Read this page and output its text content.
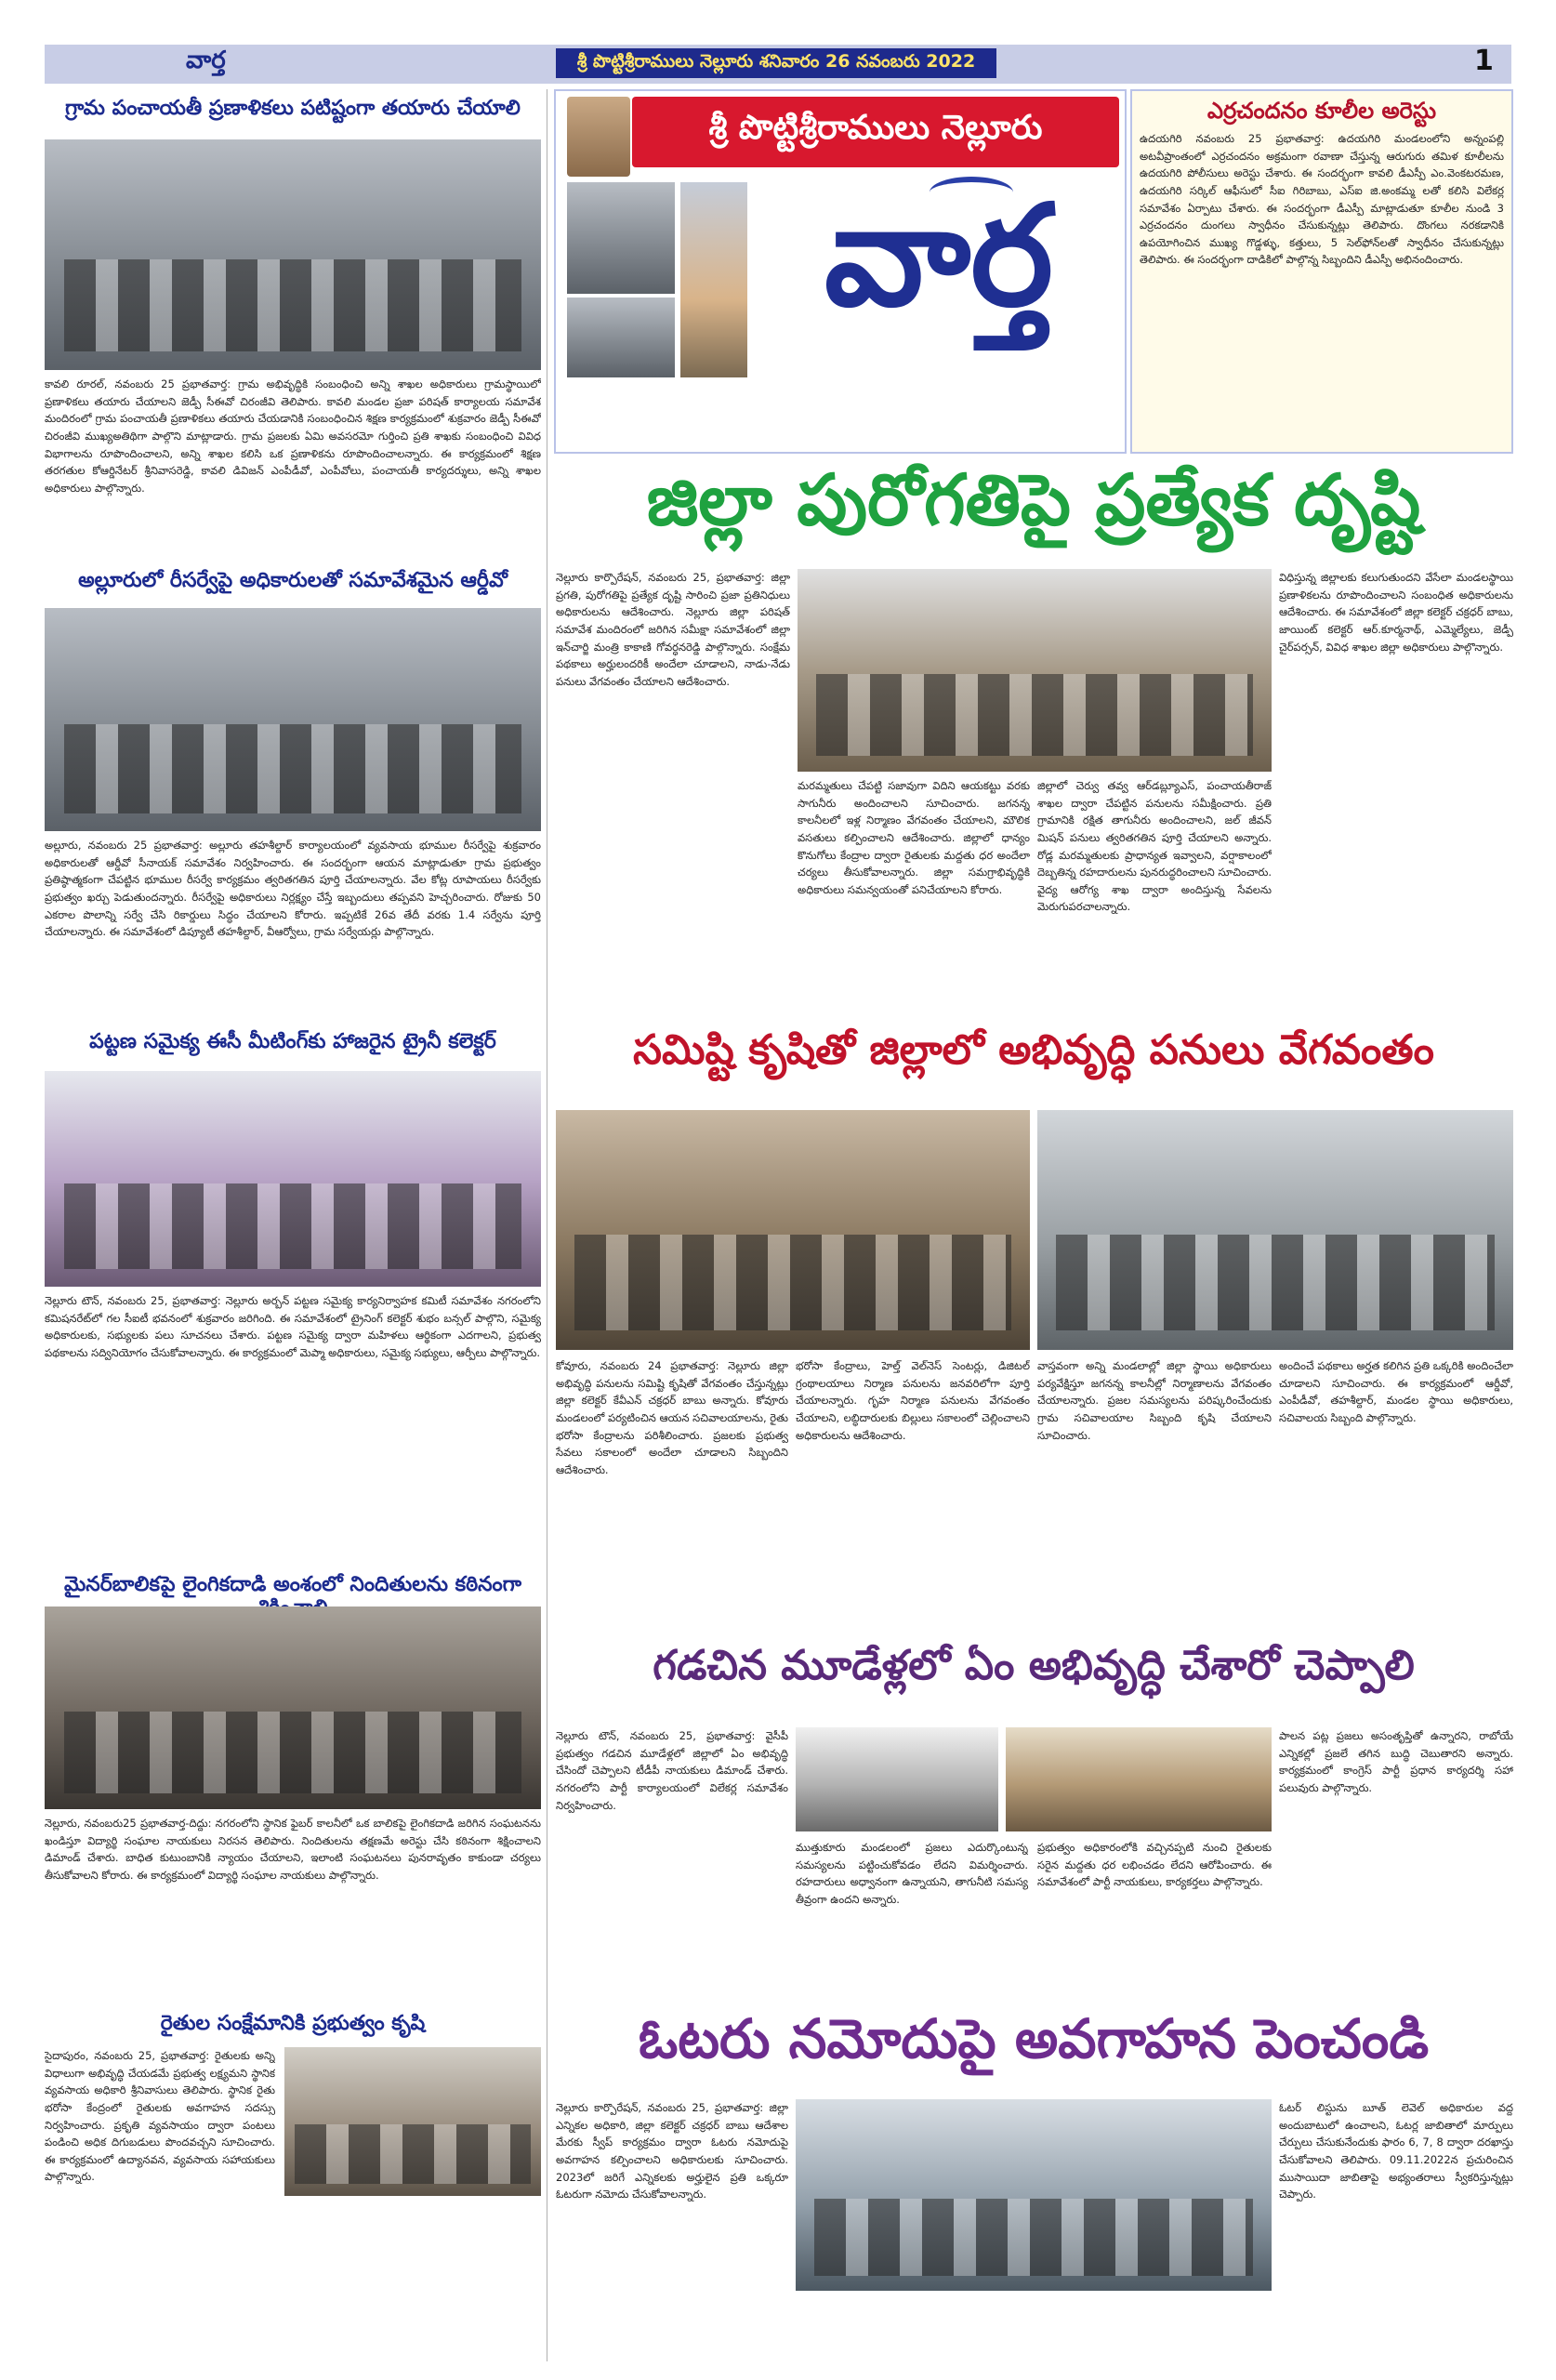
వార్త	శ్రీ పొట్టిశ్రీరాములు నెల్లూరు శనివారం 26 నవంబరు 2022	1
శ్రీ పొట్టిశ్రీరాములు నెల్లూరు
వార్త
ఎర్రచందనం కూలీల అరెస్టు
ఉదయగిరి నవంబరు 25 ప్రభాతవార్త: ఉదయగిరి మండలంలోని అన్నంపల్లి అటవీప్రాంతంలో ఎర్రచందనం అక్రమంగా రవాణా చేస్తున్న ఆరుగురు తమిళ కూలీలను ఉదయగిరి పోలీసులు అరెస్టు చేశారు. ఈ సందర్భంగా కావలి డీఎస్పీ ఎం.వెంకటరమణ, ఉదయగిరి సర్కిల్ ఆఫీసులో సీఐ గిరిబాబు, ఎస్ఐ జి.అంకమ్మ లతో కలిసి విలేకర్ల సమావేశం ఏర్పాటు చేశారు. ఈ సందర్భంగా డీఎస్పీ మాట్లాడుతూ కూలీల నుండి 3 ఎర్రచందనం దుంగలు స్వాధీనం చేసుకున్నట్లు తెలిపారు. దొంగలు నరకడానికి ఉపయోగించిన ముఖ్య గొడ్డళ్ళు, కత్తులు, 5 సెల్‌ఫోన్‌లతో స్వాధీనం చేసుకున్నట్లు తెలిపారు. ఈ సందర్భంగా దాడికిలో పాల్గొన్న సిబ్బందిని డీఎస్పీ అభినందించారు.
గ్రామ పంచాయతీ ప్రణాళికలు పటిష్టంగా తయారు చేయాలి
కావలి రూరల్, నవంబరు 25 ప్రభాతవార్త: గ్రామ అభివృద్ధికి సంబంధించి అన్ని శాఖల అధికారులు గ్రామస్థాయిలో ప్రణాళికలు తయారు చేయాలని జెడ్పీ సీఈవో చిరంజీవి తెలిపారు. కావలి మండల ప్రజా పరిషత్ కార్యాలయ సమావేశ మందిరంలో గ్రామ పంచాయతీ ప్రణాళికలు తయారు చేయడానికి సంబంధించిన శిక్షణ కార్యక్రమంలో శుక్రవారం జెడ్పీ సీఈవో చిరంజీవి ముఖ్యఅతిథిగా పాల్గొని మాట్లాడారు. గ్రామ ప్రజలకు ఏమి అవసరమో గుర్తించి ప్రతి శాఖకు సంబంధించి వివిధ విభాగాలను రూపొందించాలని, అన్ని శాఖల కలిసి ఒక ప్రణాళికను రూపొందించాలన్నారు. ఈ కార్యక్రమంలో శిక్షణ తరగతుల కోఆర్డినేటర్ శ్రీనివాసరెడ్డి, కావలి డివిజన్ ఎంపీడీవో, ఎంపీవోలు, పంచాయతీ కార్యదర్శులు, అన్ని శాఖల అధికారులు పాల్గొన్నారు.
అల్లూరులో రీసర్వేపై అధికారులతో సమావేశమైన ఆర్డీవో
అల్లూరు, నవంబరు 25 ప్రభాతవార్త: అల్లూరు తహశీల్దార్ కార్యాలయంలో వ్యవసాయ భూముల రీసర్వేపై శుక్రవారం అధికారులతో ఆర్డీవో సీనాయక్ సమావేశం నిర్వహించారు. ఈ సందర్భంగా ఆయన మాట్లాడుతూ గ్రామ ప్రభుత్వం ప్రతిష్ఠాత్మకంగా చేపట్టిన భూముల రీసర్వే కార్యక్రమం త్వరితగతిన పూర్తి చేయాలన్నారు. వేల కోట్ల రూపాయలు రీసర్వేకు ప్రభుత్వం ఖర్చు పెడుతుందన్నారు. రీసర్వేపై అధికారులు నిర్లక్ష్యం చేస్తే ఇబ్బందులు తప్పవని హెచ్చరించారు. రోజుకు 50 ఎకరాల పొలాన్ని సర్వే చేసి రికార్డులు సిద్ధం చేయాలని కోరారు. ఇప్పటికే 26వ తేదీ వరకు 1.4 సర్వేను పూర్తి చేయాలన్నారు. ఈ సమావేశంలో డిప్యూటీ తహశీల్దార్, వీఆర్వోలు, గ్రామ సర్వేయర్లు పాల్గొన్నారు.
పట్టణ సమైక్య ఈసీ మీటింగ్‌కు హాజరైన ట్రైనీ కలెక్టర్
నెల్లూరు టౌన్, నవంబరు 25, ప్రభాతవార్త: నెల్లూరు అర్బన్ పట్టణ సమైక్య కార్యనిర్వాహక కమిటీ సమావేశం నగరంలోని కమిషనరేట్‌లో గల సీఐటీ భవనంలో శుక్రవారం జరిగింది. ఈ సమావేశంలో ట్రైనింగ్ కలెక్టర్ శుభం బన్సల్ పాల్గొని, సమైక్య అధికారులకు, సభ్యులకు పలు సూచనలు చేశారు. పట్టణ సమైక్య ద్వారా మహిళలు ఆర్థికంగా ఎదగాలని, ప్రభుత్వ పథకాలను సద్వినియోగం చేసుకోవాలన్నారు. ఈ కార్యక్రమంలో మెప్మా అధికారులు, సమైక్య సభ్యులు, ఆర్పీలు పాల్గొన్నారు.
మైనర్‌బాలికపై లైంగికదాడి అంశంలో నిందితులను కఠినంగా
నెల్లూరు, నవంబరు25 ప్రభాతవార్త-దిద్దు: నగరంలోని స్థానిక ఫైబర్ కాలనీలో ఒక బాలికపై లైంగికదాడి జరిగిన సంఘటనను ఖండిస్తూ విద్యార్థి సంఘాల నాయకులు నిరసన తెలిపారు. నిందితులను తక్షణమే అరెస్టు చేసి కఠినంగా శిక్షించాలని డిమాండ్ చేశారు. బాధిత కుటుంబానికి న్యాయం చేయాలని, ఇలాంటి సంఘటనలు పునరావృతం కాకుండా చర్యలు తీసుకోవాలని కోరారు. ఈ కార్యక్రమంలో విద్యార్థి సంఘాల నాయకులు పాల్గొన్నారు.
రైతుల సంక్షేమానికి ప్రభుత్వం కృషి
సైదాపురం, నవంబరు 25, ప్రభాతవార్త: రైతులకు అన్ని విధాలుగా అభివృద్ధి చేయడమే ప్రభుత్వ లక్ష్యమని స్థానిక వ్యవసాయ అధికారి శ్రీనివాసులు తెలిపారు. స్థానిక రైతు భరోసా కేంద్రంలో రైతులకు అవగాహన సదస్సు నిర్వహించారు. ప్రకృతి వ్యవసాయం ద్వారా పంటలు పండించి అధిక దిగుబడులు పొందవచ్చని సూచించారు. ఈ కార్యక్రమంలో ఉద్యానవన, వ్యవసాయ సహాయకులు పాల్గొన్నారు.
జిల్లా పురోగతిపై ప్రత్యేక దృష్టి
నెల్లూరు కార్పొరేషన్, నవంబరు 25, ప్రభాతవార్త: జిల్లా ప్రగతి, పురోగతిపై ప్రత్యేక దృష్టి సారించి ప్రజా ప్రతినిధులు అధికారులను ఆదేశించారు. నెల్లూరు జిల్లా పరిషత్ సమావేశ మందిరంలో జరిగిన సమీక్షా సమావేశంలో జిల్లా ఇన్‌చార్జి మంత్రి కాకాణి గోవర్ధనరెడ్డి పాల్గొన్నారు. సంక్షేమ పథకాలు అర్హులందరికీ అందేలా చూడాలని, నాడు-నేడు పనులు వేగవంతం చేయాలని ఆదేశించారు.
మరమ్మతులు చేపట్టి సజావుగా విదిని ఆయకట్టు వరకు సాగునీరు అందించాలని సూచించారు. జగనన్న కాలనీలలో ఇళ్ల నిర్మాణం వేగవంతం చేయాలని, మౌలిక వసతులు కల్పించాలని ఆదేశించారు. జిల్లాలో ధాన్యం కొనుగోలు కేంద్రాల ద్వారా రైతులకు మద్దతు ధర అందేలా చర్యలు తీసుకోవాలన్నారు. జిల్లా సమగ్రాభివృద్ధికి అధికారులు సమన్వయంతో పనిచేయాలని కోరారు.
జిల్లాలో చెర్వు తవ్వ ఆర్‌డబ్ల్యూఎస్, పంచాయతీరాజ్ శాఖల ద్వారా చేపట్టిన పనులను సమీక్షించారు. ప్రతి గ్రామానికి రక్షిత తాగునీరు అందించాలని, జల్ జీవన్ మిషన్ పనులు త్వరితగతిన పూర్తి చేయాలని అన్నారు. రోడ్ల మరమ్మతులకు ప్రాధాన్యత ఇవ్వాలని, వర్షాకాలంలో దెబ్బతిన్న రహదారులను పునరుద్ధరించాలని సూచించారు. వైద్య ఆరోగ్య శాఖ ద్వారా అందిస్తున్న సేవలను మెరుగుపరచాలన్నారు.
విధిస్తున్న జిల్లాలకు కలుగుతుందని వేసేలా మండలస్థాయి ప్రణాళికలను రూపొందించాలని సంబంధిత అధికారులను ఆదేశించారు. ఈ సమావేశంలో జిల్లా కలెక్టర్ చక్రధర్ బాబు, జాయింట్ కలెక్టర్ ఆర్.కూర్మనాథ్, ఎమ్మెల్యేలు, జెడ్పీ చైర్‌పర్సన్, వివిధ శాఖల జిల్లా అధికారులు పాల్గొన్నారు.
సమిష్టి కృషితో జిల్లాలో అభివృద్ధి పనులు వేగవంతం
కోవూరు, నవంబరు 24 ప్రభాతవార్త: నెల్లూరు జిల్లా అభివృద్ధి పనులను సమిష్టి కృషితో వేగవంతం చేస్తున్నట్లు జిల్లా కలెక్టర్ కేవీఎన్ చక్రధర్ బాబు అన్నారు. కోవూరు మండలంలో పర్యటించిన ఆయన సచివాలయాలను, రైతు భరోసా కేంద్రాలను పరిశీలించారు. ప్రజలకు ప్రభుత్వ సేవలు సకాలంలో అందేలా చూడాలని సిబ్బందిని ఆదేశించారు.
భరోసా కేంద్రాలు, హెల్త్ వెల్‌నెస్ సెంటర్లు, డిజిటల్ గ్రంథాలయాలు నిర్మాణ పనులను జనవరిలోగా పూర్తి చేయాలన్నారు. గృహ నిర్మాణ పనులను వేగవంతం చేయాలని, లబ్ధిదారులకు బిల్లులు సకాలంలో చెల్లించాలని అధికారులను ఆదేశించారు.
వాస్తవంగా అన్ని మండలాల్లో జిల్లా స్థాయి అధికారులు పర్యవేక్షిస్తూ జగనన్న కాలనీల్లో నిర్మాణాలను వేగవంతం చేయాలన్నారు. ప్రజల సమస్యలను పరిష్కరించేందుకు గ్రామ సచివాలయాల సిబ్బంది కృషి చేయాలని సూచించారు.
అందించే పథకాలు అర్హత కలిగిన ప్రతి ఒక్కరికి అందించేలా చూడాలని సూచించారు. ఈ కార్యక్రమంలో ఆర్డీవో, ఎంపీడీవో, తహశీల్దార్, మండల స్థాయి అధికారులు, సచివాలయ సిబ్బంది పాల్గొన్నారు.
గడచిన మూడేళ్లలో ఏం అభివృద్ధి చేశారో చెప్పాలి
నెల్లూరు టౌన్, నవంబరు 25, ప్రభాతవార్త: వైసీపీ ప్రభుత్వం గడచిన మూడేళ్లలో జిల్లాలో ఏం అభివృద్ధి చేసిందో చెప్పాలని టీడీపీ నాయకులు డిమాండ్ చేశారు. నగరంలోని పార్టీ కార్యాలయంలో విలేకర్ల సమావేశం నిర్వహించారు.
ముత్తుకూరు మండలంలో ప్రజలు ఎదుర్కొంటున్న సమస్యలను పట్టించుకోవడం లేదని విమర్శించారు. రహదారులు అధ్వానంగా ఉన్నాయని, తాగునీటి సమస్య తీవ్రంగా ఉందని అన్నారు.
ప్రభుత్వం అధికారంలోకి వచ్చినప్పటి నుంచి రైతులకు సరైన మద్దతు ధర లభించడం లేదని ఆరోపించారు. ఈ సమావేశంలో పార్టీ నాయకులు, కార్యకర్తలు పాల్గొన్నారు.
పాలన పట్ల ప్రజలు అసంతృప్తితో ఉన్నారని, రాబోయే ఎన్నికల్లో ప్రజలే తగిన బుద్ధి చెబుతారని అన్నారు. కార్యక్రమంలో కాంగ్రెస్ పార్టీ ప్రధాన కార్యదర్శి సహా పలువురు పాల్గొన్నారు.
ఓటరు నమోదుపై అవగాహన పెంచండి
నెల్లూరు కార్పొరేషన్, నవంబరు 25, ప్రభాతవార్త: జిల్లా ఎన్నికల అధికారి, జిల్లా కలెక్టర్ చక్రధర్ బాబు ఆదేశాల మేరకు స్వీప్ కార్యక్రమం ద్వారా ఓటరు నమోదుపై అవగాహన కల్పించాలని అధికారులకు సూచించారు. 2023లో జరిగే ఎన్నికలకు అర్హులైన ప్రతి ఒక్కరూ ఓటరుగా నమోదు చేసుకోవాలన్నారు.
ఓటర్ లిస్టును బూత్ లెవెల్ అధికారుల వద్ద అందుబాటులో ఉంచాలని, ఓటర్ల జాబితాలో మార్పులు చేర్పులు చేసుకునేందుకు ఫారం 6, 7, 8 ద్వారా దరఖాస్తు చేసుకోవాలని తెలిపారు. 09.11.2022న ప్రచురించిన ముసాయిదా జాబితాపై అభ్యంతరాలు స్వీకరిస్తున్నట్లు చెప్పారు.
